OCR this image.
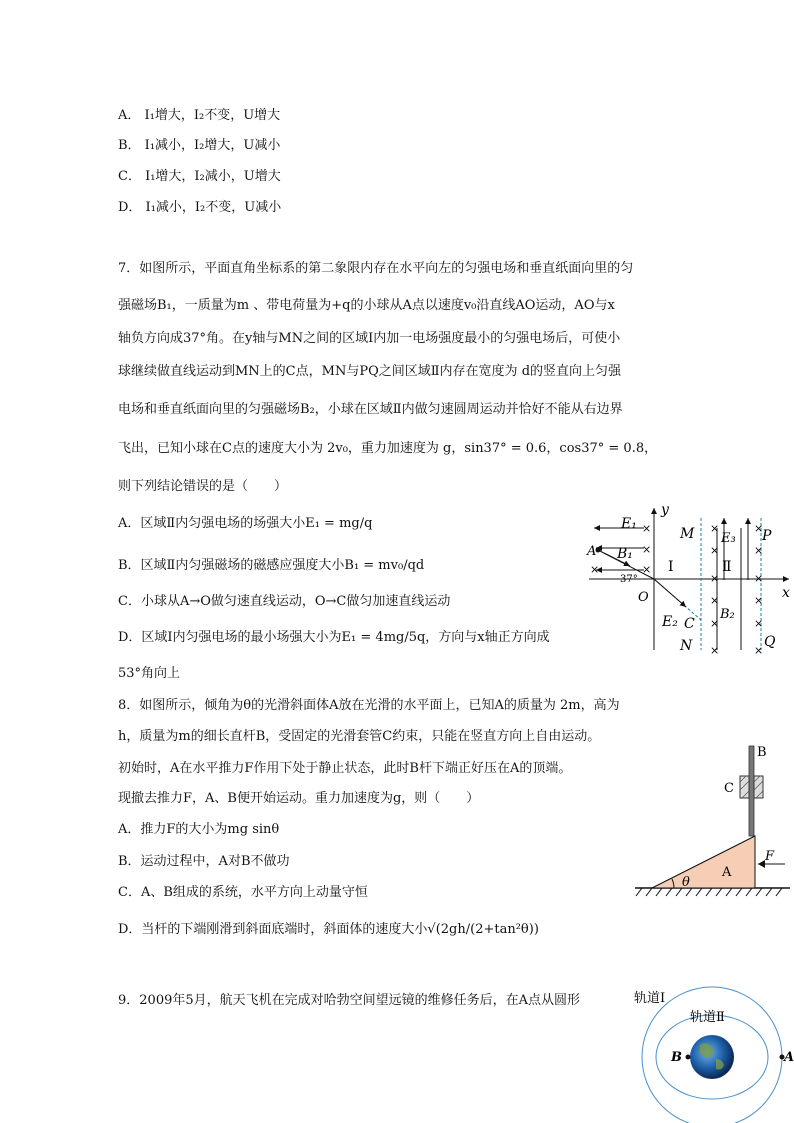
A． I₁增大，I₂不变，U增大
B． I₁减小，I₂增大，U减小
C． I₁增大，I₂减小，U增大
D． I₁减小，I₂不变，U减小
7．如图所示，平面直角坐标系的第二象限内存在水平向左的匀强电场和垂直纸面向里的匀
强磁场B₁，一质量为m 、带电荷量为+q的小球从A点以速度v₀沿直线AO运动，AO与x
轴负方向成37°角。在y轴与MN之间的区域Ⅰ内加一电场强度最小的匀强电场后，可使小
球继续做直线运动到MN上的C点，MN与PQ之间区域Ⅱ内存在宽度为 d的竖直向上匀强
电场和垂直纸面向里的匀强磁场B₂，小球在区域Ⅱ内做匀速圆周运动并恰好不能从右边界
飞出，已知小球在C点的速度大小为 2v₀，重力加速度为 g，sin37° = 0.6，cos37° = 0.8，
则下列结论错误的是（　　）
A．区域Ⅱ内匀强电场的场强大小E₁ = mg/q
B．区域Ⅱ内匀强磁场的磁感应强度大小B₁ = mv₀/qd
C．小球从A→O做匀速直线运动，O→C做匀加速直线运动
D．区域Ⅰ内匀强电场的最小场强大小为E₁ = 4mg/5q，方向与x轴正方向成
53°角向上
×
×
×
×
×	×
×	×
×	×
×	×
×	×
×	×
y
x
O
A
E₁
B₁
37°
M
N
C
E₂
Ⅰ	Ⅱ
E₃
B₂
P
Q
8．如图所示，倾角为θ的光滑斜面体A放在光滑的水平面上，已知A的质量为 2m，高为
h，质量为m的细长直杆B，受固定的光滑套管C约束，只能在竖直方向上自由运动。
初始时，A在水平推力F作用下处于静止状态，此时B杆下端正好压在A的顶端。
现撤去推力F，A、B便开始运动。重力加速度为g，则（　　）
A．推力F的大小为mg sinθ
B．运动过程中，A对B不做功
C．A、B组成的系统，水平方向上动量守恒
D．当杆的下端刚滑到斜面底端时，斜面体的速度大小√(2gh/(2+tan²θ))
B
C
A
F
θ
9．2009年5月，航天飞机在完成对哈勃空间望远镜的维修任务后，在A点从圆形	轨道Ⅰ
轨道Ⅱ
B	A
